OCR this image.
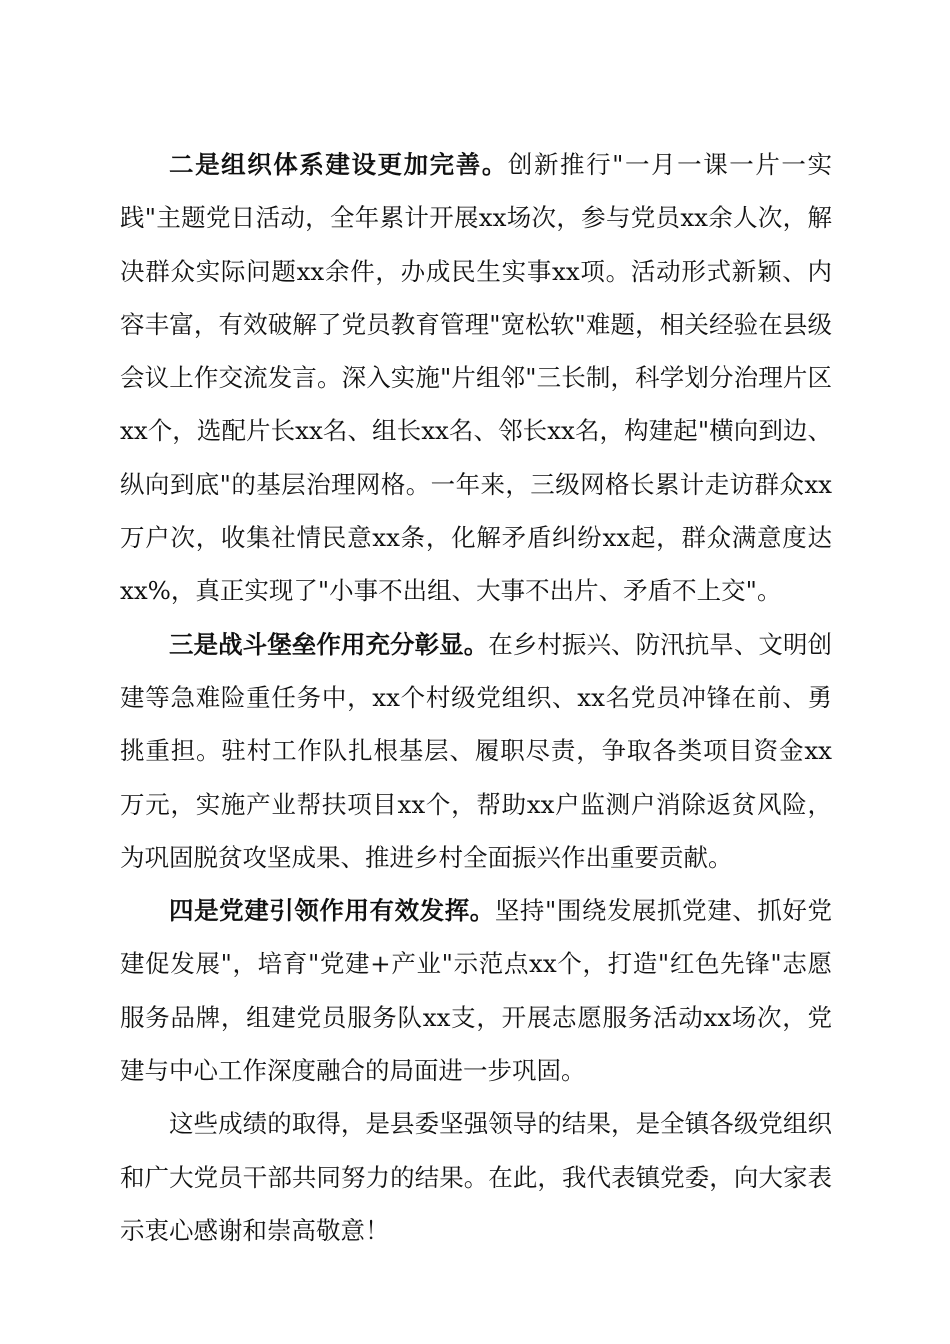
二是组织体系建设更加完善。创新推行"一月一课一片一实践"主题党日活动，全年累计开展xx场次，参与党员xx余人次，解决群众实际问题xx余件，办成民生实事xx项。活动形式新颖、内容丰富，有效破解了党员教育管理"宽松软"难题，相关经验在县级会议上作交流发言。深入实施"片组邻"三长制，科学划分治理片区xx个，选配片长xx名、组长xx名、邻长xx名，构建起"横向到边、纵向到底"的基层治理网格。一年来，三级网格长累计走访群众xx万户次，收集社情民意xx条，化解矛盾纠纷xx起，群众满意度达xx%，真正实现了"小事不出组、大事不出片、矛盾不上交"。

三是战斗堡垒作用充分彰显。在乡村振兴、防汛抗旱、文明创建等急难险重任务中，xx个村级党组织、xx名党员冲锋在前、勇挑重担。驻村工作队扎根基层、履职尽责，争取各类项目资金xx万元，实施产业帮扶项目xx个，帮助xx户监测户消除返贫风险，为巩固脱贫攻坚成果、推进乡村全面振兴作出重要贡献。

四是党建引领作用有效发挥。坚持"围绕发展抓党建、抓好党建促发展"，培育"党建+产业"示范点xx个，打造"红色先锋"志愿服务品牌，组建党员服务队xx支，开展志愿服务活动xx场次，党建与中心工作深度融合的局面进一步巩固。

这些成绩的取得，是县委坚强领导的结果，是全镇各级党组织和广大党员干部共同努力的结果。在此，我代表镇党委，向大家表示衷心感谢和崇高敬意！
